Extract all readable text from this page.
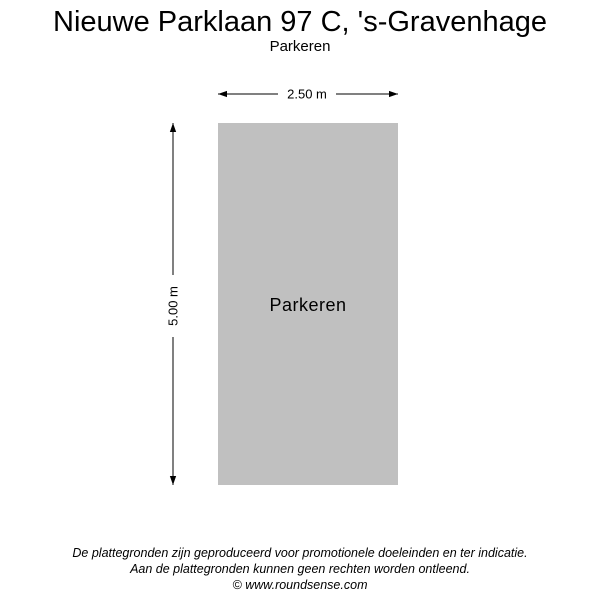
Nieuwe Parklaan 97 C, 's-Gravenhage
Parkeren
2.50 m
5.00 m	Parkeren
De plattegronden zijn geproduceerd voor promotionele doeleinden en ter indicatie.
Aan de plattegronden kunnen geen rechten worden ontleend.
© www.roundsense.com
